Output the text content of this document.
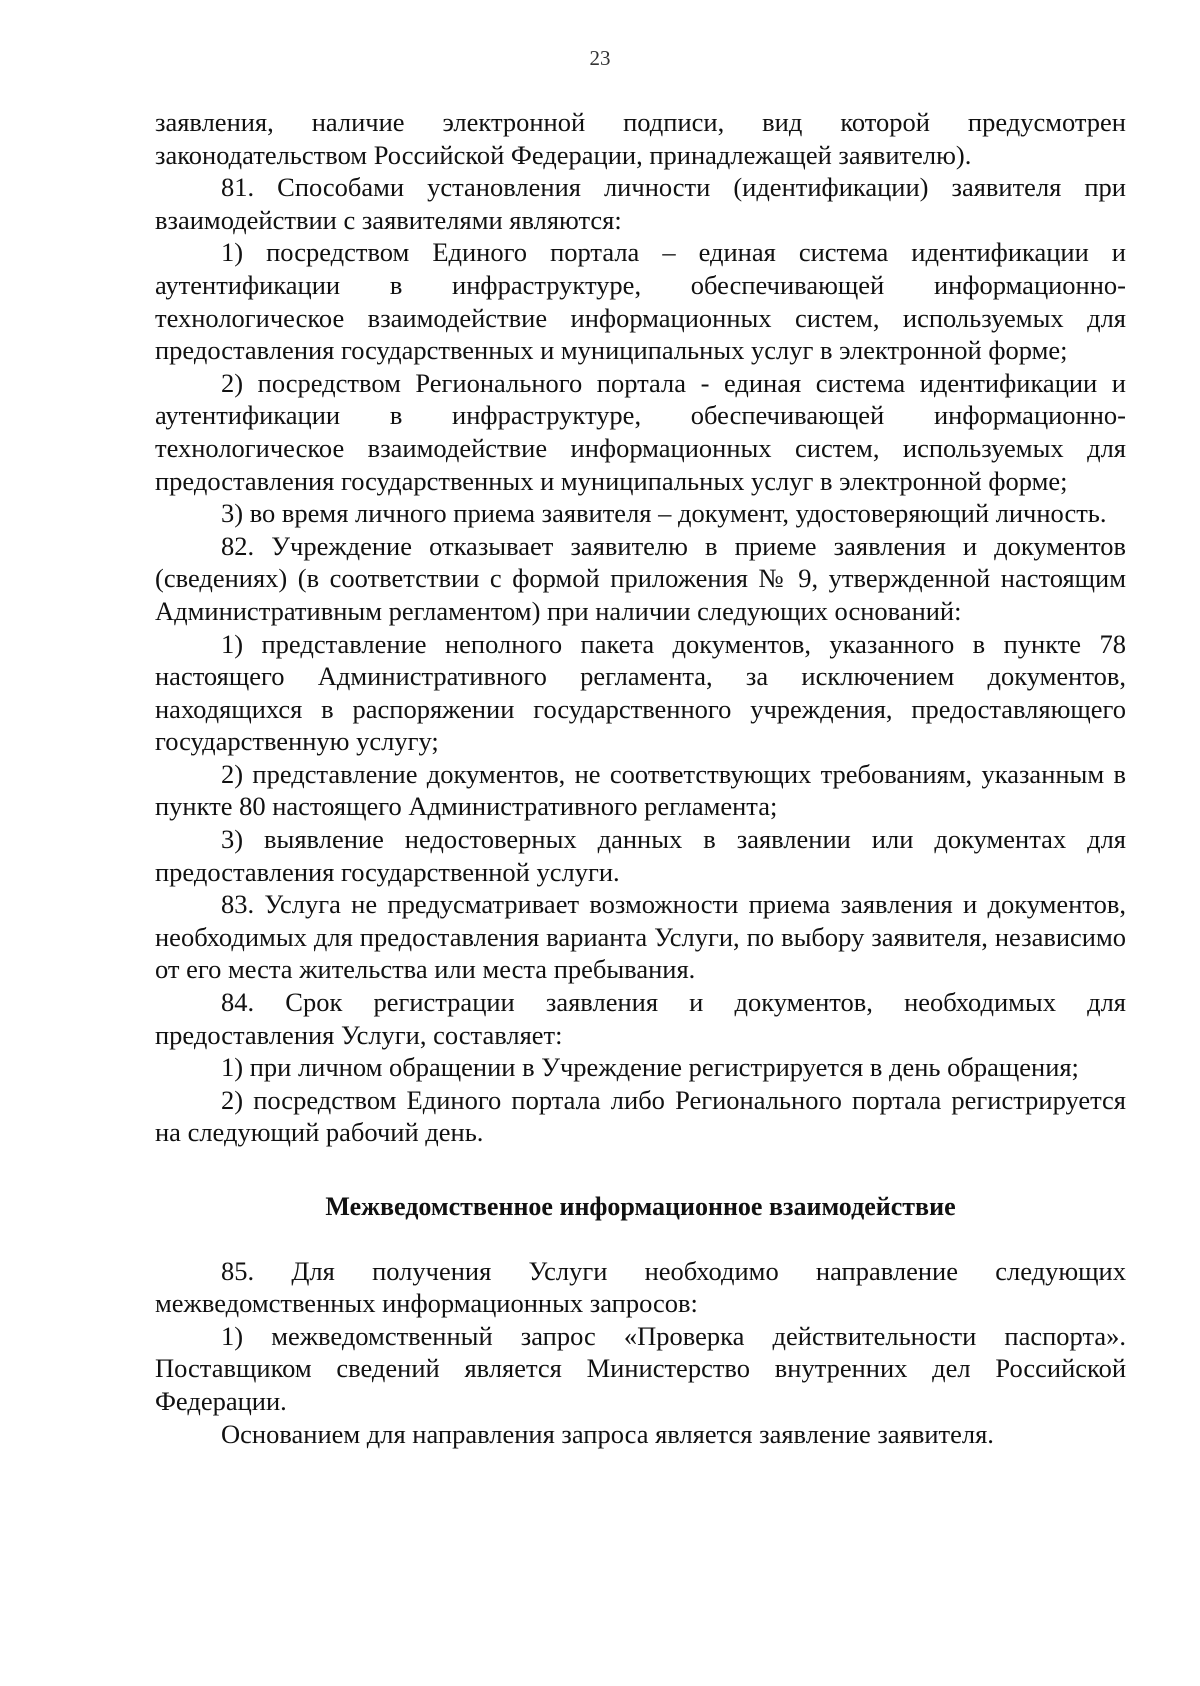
23

заявления, наличие электронной подписи, вид которой предусмотрен законодательством Российской Федерации, принадлежащей заявителю).

81. Способами установления личности (идентификации) заявителя при взаимодействии с заявителями являются:

1) посредством Единого портала – единая система идентификации и аутентификации в инфраструктуре, обеспечивающей информационно-технологическое взаимодействие информационных систем, используемых для предоставления государственных и муниципальных услуг в электронной форме;

2) посредством Регионального портала - единая система идентификации и аутентификации в инфраструктуре, обеспечивающей информационно-технологическое взаимодействие информационных систем, используемых для предоставления государственных и муниципальных услуг в электронной форме;

3) во время личного приема заявителя – документ, удостоверяющий личность.

82. Учреждение отказывает заявителю в приеме заявления и документов (сведениях) (в соответствии с формой приложения № 9, утвержденной настоящим Административным регламентом) при наличии следующих оснований:

1) представление неполного пакета документов, указанного в пункте 78 настоящего Административного регламента, за исключением документов, находящихся в распоряжении государственного учреждения, предоставляющего государственную услугу;

2) представление документов, не соответствующих требованиям, указанным в пункте 80 настоящего Административного регламента;

3) выявление недостоверных данных в заявлении или документах для предоставления государственной услуги.

83. Услуга не предусматривает возможности приема заявления и документов, необходимых для предоставления варианта Услуги, по выбору заявителя, независимо от его места жительства или места пребывания.

84. Срок регистрации заявления и документов, необходимых для предоставления Услуги, составляет:

1) при личном обращении в Учреждение регистрируется в день обращения;

2) посредством Единого портала либо Регионального портала регистрируется на следующий рабочий день.

Межведомственное информационное взаимодействие

85. Для получения Услуги необходимо направление следующих межведомственных информационных запросов:

1) межведомственный запрос «Проверка действительности паспорта». Поставщиком сведений является Министерство внутренних дел Российской Федерации.

Основанием для направления запроса является заявление заявителя.
